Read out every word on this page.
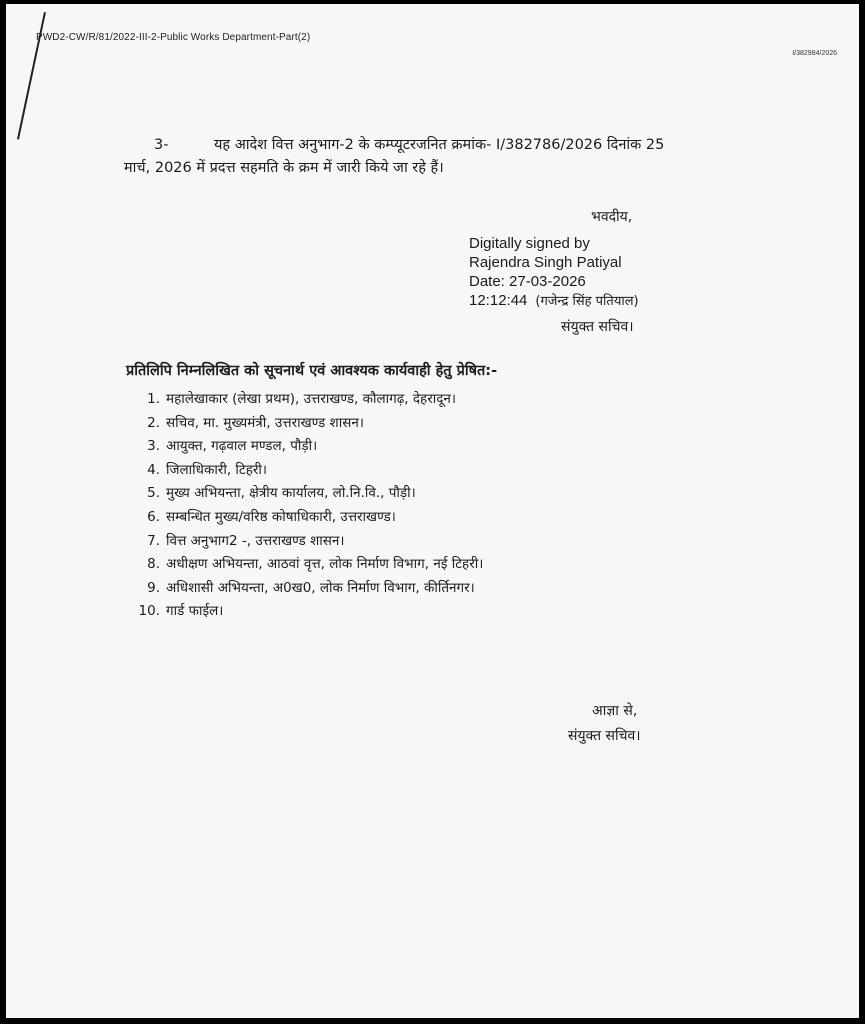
PWD2-CW/R/81/2022-III-2-Public Works Department-Part(2)
I/382984/2026
3-	यह आदेश वित्त अनुभाग-2 के कम्प्यूटरजनित क्रमांक- I/382786/2026 दिनांक 25
मार्च, 2026 में प्रदत्त सहमति के क्रम में जारी किये जा रहे हैं।
भवदीय,
Digitally signed by
Rajendra Singh Patiyal
Date: 27-03-2026
12:12:44 (गजेन्द्र सिंह पतियाल)
संयुक्त सचिव।
प्रतिलिपि निम्नलिखित को सूचनार्थ एवं आवश्यक कार्यवाही हेतु प्रेषित:-
1. महालेखाकार (लेखा प्रथम), उत्तराखण्ड, कौलागढ़, देहरादून।
2. सचिव, मा. मुख्यमंत्री, उत्तराखण्ड शासन।
3. आयुक्त, गढ़वाल मण्डल, पौड़ी।
4. जिलाधिकारी, टिहरी।
5. मुख्य अभियन्ता, क्षेत्रीय कार्यालय, लो.नि.वि., पौड़ी।
6. सम्बन्धित मुख्य/वरिष्ठ कोषाधिकारी, उत्तराखण्ड।
7. वित्त अनुभाग2 -, उत्तराखण्ड शासन।
8. अधीक्षण अभियन्ता, आठवां वृत्त, लोक निर्माण विभाग, नई टिहरी।
9. अधिशासी अभियन्ता, अ0ख0, लोक निर्माण विभाग, कीर्तिनगर।
10. गार्ड फाईल।
आज्ञा से,
संयुक्त सचिव।
